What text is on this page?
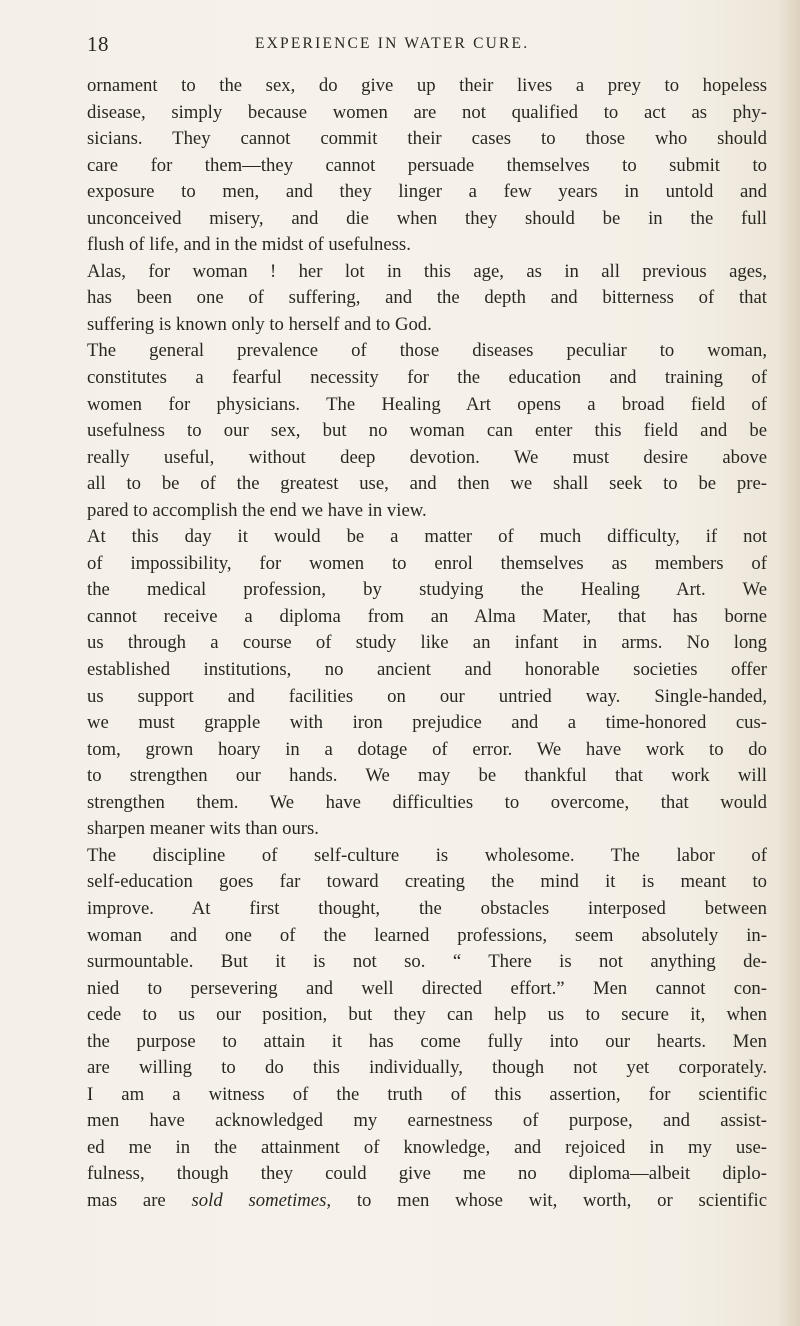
18	EXPERIENCE IN WATER CURE.
ornament to the sex, do give up their lives a prey to hopeless
disease, simply because women are not qualified to act as phy-
sicians. They cannot commit their cases to those who should
care for them—they cannot persuade themselves to submit to
exposure to men, and they linger a few years in untold and
unconceived misery, and die when they should be in the full
flush of life, and in the midst of usefulness.
Alas, for woman ! her lot in this age, as in all previous ages,
has been one of suffering, and the depth and bitterness of that
suffering is known only to herself and to God.
The general prevalence of those diseases peculiar to woman,
constitutes a fearful necessity for the education and training of
women for physicians. The Healing Art opens a broad field of
usefulness to our sex, but no woman can enter this field and be
really useful, without deep devotion. We must desire above
all to be of the greatest use, and then we shall seek to be pre-
pared to accomplish the end we have in view.
At this day it would be a matter of much difficulty, if not
of impossibility, for women to enrol themselves as members of
the medical profession, by studying the Healing Art. We
cannot receive a diploma from an Alma Mater, that has borne
us through a course of study like an infant in arms. No long
established institutions, no ancient and honorable societies offer
us support and facilities on our untried way. Single-handed,
we must grapple with iron prejudice and a time-honored cus-
tom, grown hoary in a dotage of error. We have work to do
to strengthen our hands. We may be thankful that work will
strengthen them. We have difficulties to overcome, that would
sharpen meaner wits than ours.
The discipline of self-culture is wholesome. The labor of
self-education goes far toward creating the mind it is meant to
improve. At first thought, the obstacles interposed between
woman and one of the learned professions, seem absolutely in-
surmountable. But it is not so. “ There is not anything de-
nied to persevering and well directed effort.” Men cannot con-
cede to us our position, but they can help us to secure it, when
the purpose to attain it has come fully into our hearts. Men
are willing to do this individually, though not yet corporately.
I am a witness of the truth of this assertion, for scientific
men have acknowledged my earnestness of purpose, and assist-
ed me in the attainment of knowledge, and rejoiced in my use-
fulness, though they could give me no diploma—albeit diplo-
mas are sold sometimes, to men whose wit, worth, or scientific
